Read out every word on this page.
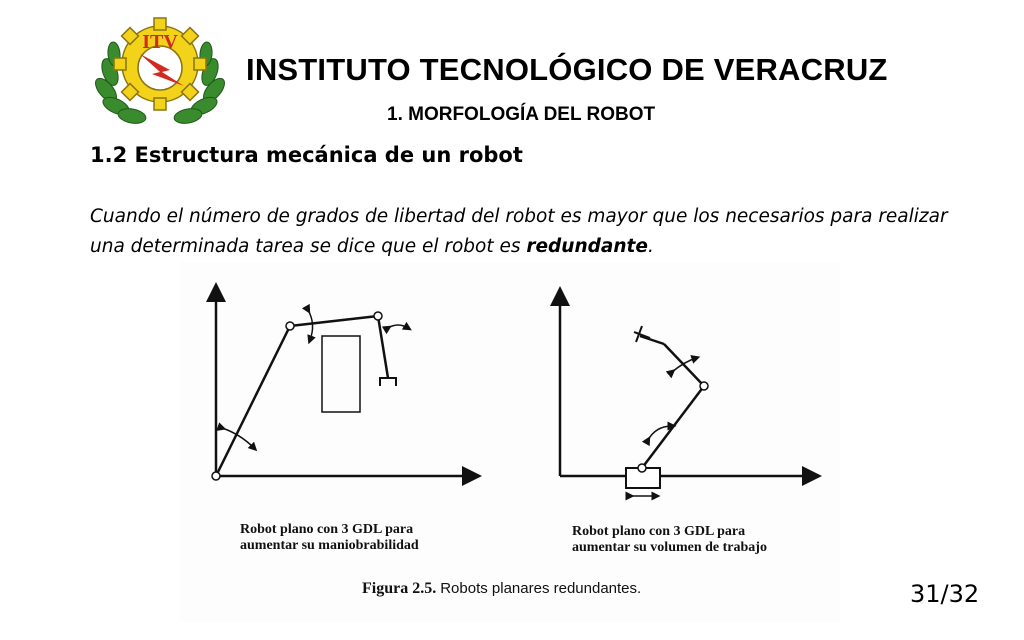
ITV
INSTITUTO TECNOLÓGICO DE VERACRUZ
1. MORFOLOGÍA DEL ROBOT
1.2 Estructura mecánica de un robot
Cuando el número de grados de libertad del robot es mayor que los necesarios para realizar una determinada tarea se dice que el robot es redundante.
Robot plano con 3 GDL para
aumentar su maniobrabilidad
Robot plano con 3 GDL para
aumentar su volumen de trabajo
Figura 2.5. Robots planares redundantes.	31/32
